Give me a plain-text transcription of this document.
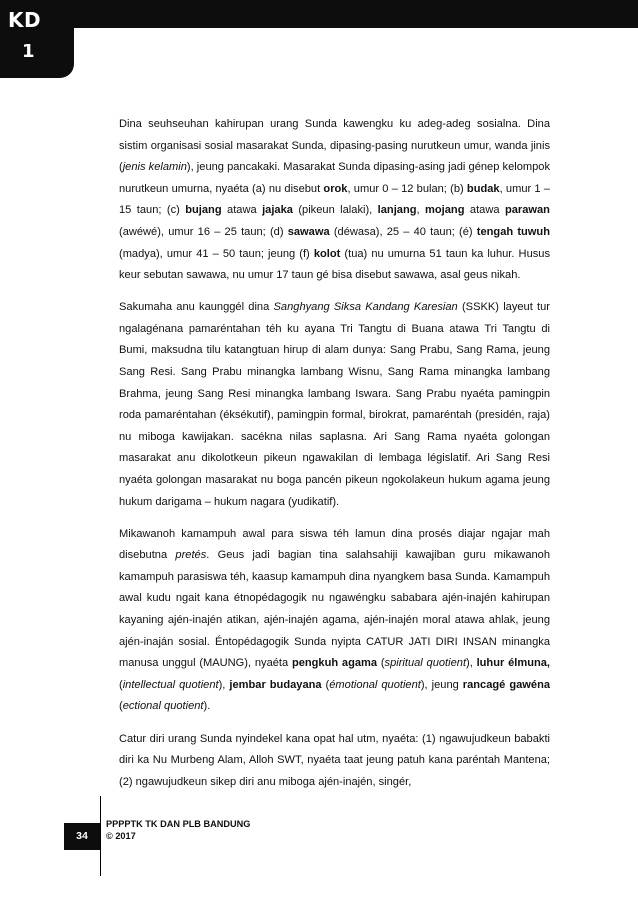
KD
1

Dina seuhseuhan kahirupan urang Sunda kawengku ku adeg-adeg sosialna. Dina sistim organisasi sosial masarakat Sunda, dipasing-pasing nurutkeun umur, wanda jinis (jenis kelamin), jeung pancakaki. Masarakat Sunda dipasing-asing jadi génep kelompok nurutkeun umurna, nyaéta (a) nu disebut orok, umur 0 – 12 bulan; (b) budak, umur 1 – 15 taun; (c) bujang atawa jajaka (pikeun lalaki), lanjang, mojang atawa parawan (awéwé), umur 16 – 25 taun; (d) sawawa (déwasa), 25 – 40 taun; (é) tengah tuwuh (madya), umur 41 – 50 taun; jeung (f) kolot (tua) nu umurna 51 taun ka luhur. Husus keur sebutan sawawa, nu umur 17 taun gé bisa disebut sawawa, asal geus nikah.

Sakumaha anu kaunggél dina Sanghyang Siksa Kandang Karesian (SSKK) layeut tur ngalagénana pamaréntahan téh ku ayana Tri Tangtu di Buana atawa Tri Tangtu di Bumi, maksudna tilu katangtuan hirup di alam dunya: Sang Prabu, Sang Rama, jeung Sang Resi. Sang Prabu minangka lambang Wisnu, Sang Rama minangka lambang Brahma, jeung Sang Resi minangka lambang Iswara. Sang Prabu nyaéta pamingpin roda pamaréntahan (éksékutif), pamingpin formal, birokrat, pamaréntah (presidén, raja) nu miboga kawijakan. sacékna nilas saplasna. Ari Sang Rama nyaéta golongan masarakat anu dikolotkeun pikeun ngawakilan di lembaga législatif. Ari Sang Resi nyaéta golongan masarakat nu boga pancén pikeun ngokolakeun hukum agama jeung hukum darigama – hukum nagara (yudikatif).

Mikawanoh kamampuh awal para siswa téh lamun dina prosés diajar ngajar mah disebutna pretés. Geus jadi bagian tina salahsahiji kawajiban guru mikawanoh kamampuh parasiswa téh, kaasup kamampuh dina nyangkem basa Sunda. Kamampuh awal kudu ngait kana étnopédagogik nu ngawéngku sababara ajén-inajén kahirupan kayaning ajén-inajén atikan, ajén-inajén agama, ajén-inajén moral atawa ahlak, jeung ajén-inaján sosial. Éntopédagogik Sunda nyipta CATUR JATI DIRI INSAN minangka manusa unggul (MAUNG), nyaéta pengkuh agama (spiritual quotient), luhur élmuna, (intellectual quotient), jembar budayana (émotional quotient), jeung rancagé gawéna (ectional quotient).

Catur diri urang Sunda nyindekel kana opat hal utm, nyaéta: (1) ngawujudkeun babakti diri ka Nu Murbeng Alam, Alloh SWT, nyaéta taat jeung patuh kana paréntah Mantena; (2) ngawujudkeun sikep diri anu miboga ajén-inajén, singér,

34
PPPPTK TK DAN PLB BANDUNG
© 2017
